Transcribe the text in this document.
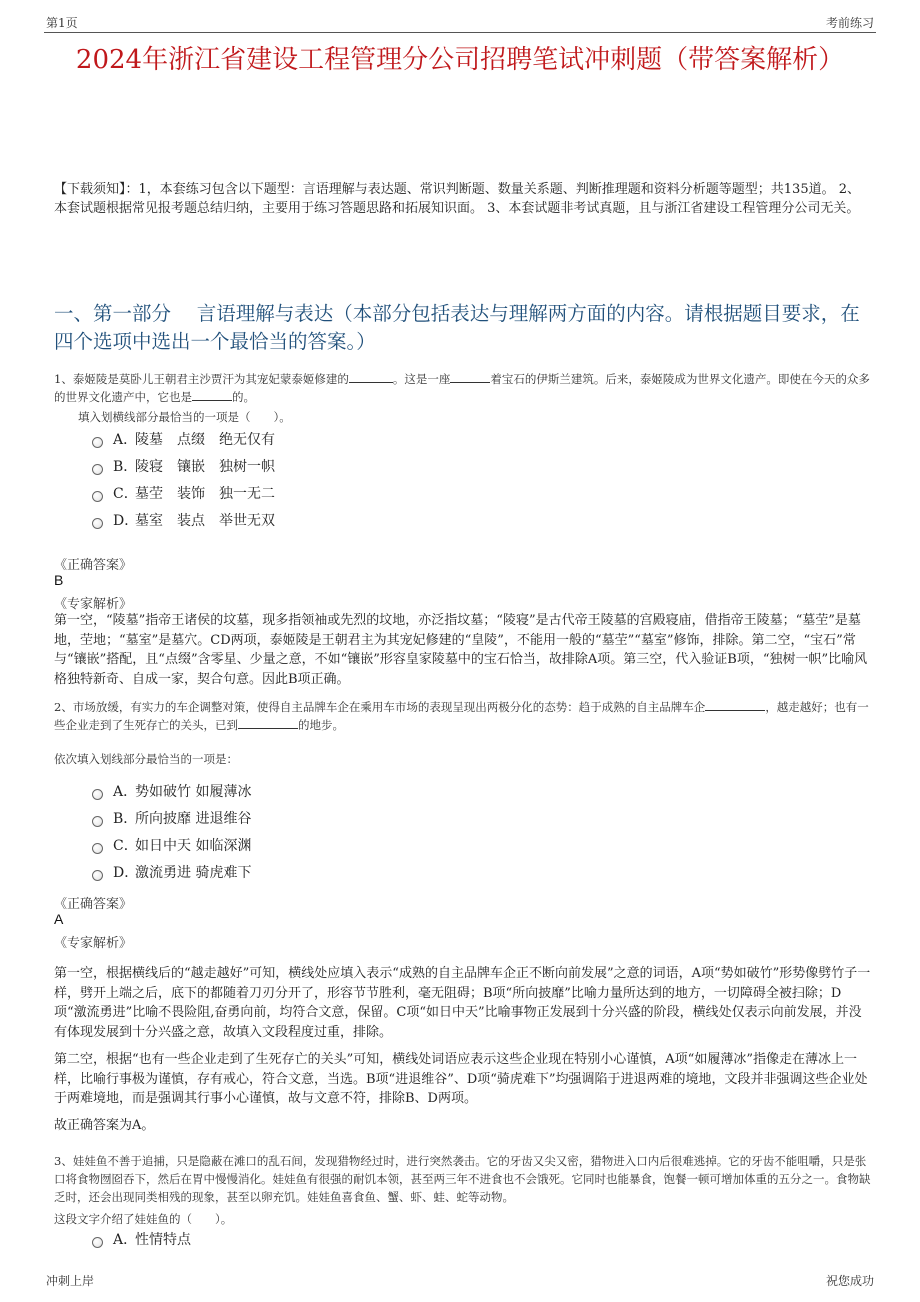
第1页	考前练习
2024年浙江省建设工程管理分公司招聘笔试冲刺题（带答案解析）
【下载须知】：1，本套练习包含以下题型：言语理解与表达题、常识判断题、数量关系题、判断推理题和资料分析题等题型；共135道。 2、本套试题根据常见报考题总结归纳，主要用于练习答题思路和拓展知识面。 3、本套试题非考试真题，且与浙江省建设工程管理分公司无关。
一、第一部分　 言语理解与表达（本部分包括表达与理解两方面的内容。请根据题目要求，在四个选项中选出一个最恰当的答案。）
1、泰姬陵是莫卧儿王朝君主沙贾汗为其宠妃蒙泰姬修建的	。这是一座	着宝石的伊斯兰建筑。后来，泰姬陵成为世界文化遗产。即使在今天的众多的世界文化遗产中，它也是	的。
填入划横线部分最恰当的一项是（　　）。
A．
陵墓　点缀　绝无仅有
B．
陵寝　镶嵌　独树一帜
C．
墓茔　装饰　独一无二
D．
墓室　装点　举世无双
《正确答案》
B
《专家解析》
第一空，“陵墓”指帝王诸侯的坟墓，现多指领袖或先烈的坟地，亦泛指坟墓；“陵寝”是古代帝王陵墓的宫殿寝庙，借指帝王陵墓；“墓茔”是墓地，茔地；“墓室”是墓穴。CD两项，泰姬陵是王朝君主为其宠妃修建的“皇陵”，不能用一般的“墓茔”“墓室”修饰，排除。第二空，“宝石”常与“镶嵌”搭配，且“点缀”含零星、少量之意，不如“镶嵌”形容皇家陵墓中的宝石恰当，故排除A项。第三空，代入验证B项，“独树一帜”比喻风格独特新奇、自成一家，契合句意。因此B项正确。
2、市场放缓，有实力的车企调整对策，使得自主品牌车企在乘用车市场的表现呈现出两极分化的态势：趋于成熟的自主品牌车企	，越走越好；也有一些企业走到了生死存亡的关头，已到	的地步。
依次填入划线部分最恰当的一项是：
A．
势如破竹 如履薄冰
B．
所向披靡 进退维谷
C．
如日中天 如临深渊
D．
激流勇进 骑虎难下
《正确答案》
A
《专家解析》
第一空，根据横线后的“越走越好”可知，横线处应填入表示“成熟的自主品牌车企正不断向前发展”之意的词语，A项“势如破竹”形势像劈竹子一样，劈开上端之后，底下的都随着刀刃分开了，形容节节胜利，毫无阻碍；B项“所向披靡”比喻力量所达到的地方，一切障碍全被扫除；D项“激流勇进”比喻不畏险阻,奋勇向前，均符合文意，保留。C项“如日中天”比喻事物正发展到十分兴盛的阶段，横线处仅表示向前发展，并没有体现发展到十分兴盛之意，故填入文段程度过重，排除。
第二空，根据“也有一些企业走到了生死存亡的关头”可知，横线处词语应表示这些企业现在特别小心谨慎，A项“如履薄冰”指像走在薄冰上一样，比喻行事极为谨慎，存有戒心，符合文意，当选。B项“进退维谷”、D项“骑虎难下”均强调陷于进退两难的境地，文段并非强调这些企业处于两难境地，而是强调其行事小心谨慎，故与文意不符，排除B、D两项。
故正确答案为A。
3、娃娃鱼不善于追捕，只是隐蔽在滩口的乱石间，发现猎物经过时，进行突然袭击。它的牙齿又尖又密，猎物进入口内后很难逃掉。它的牙齿不能咀嚼，只是张口将食物囫囵吞下，然后在胃中慢慢消化。娃娃鱼有很强的耐饥本领，甚至两三年不进食也不会饿死。它同时也能暴食，饱餐一顿可增加体重的五分之一。食物缺乏时，还会出现同类相残的现象，甚至以卵充饥。娃娃鱼喜食鱼、蟹、虾、蛙、蛇等动物。
这段文字介绍了娃娃鱼的（　　）。
A．
性情特点
冲刺上岸	祝您成功
